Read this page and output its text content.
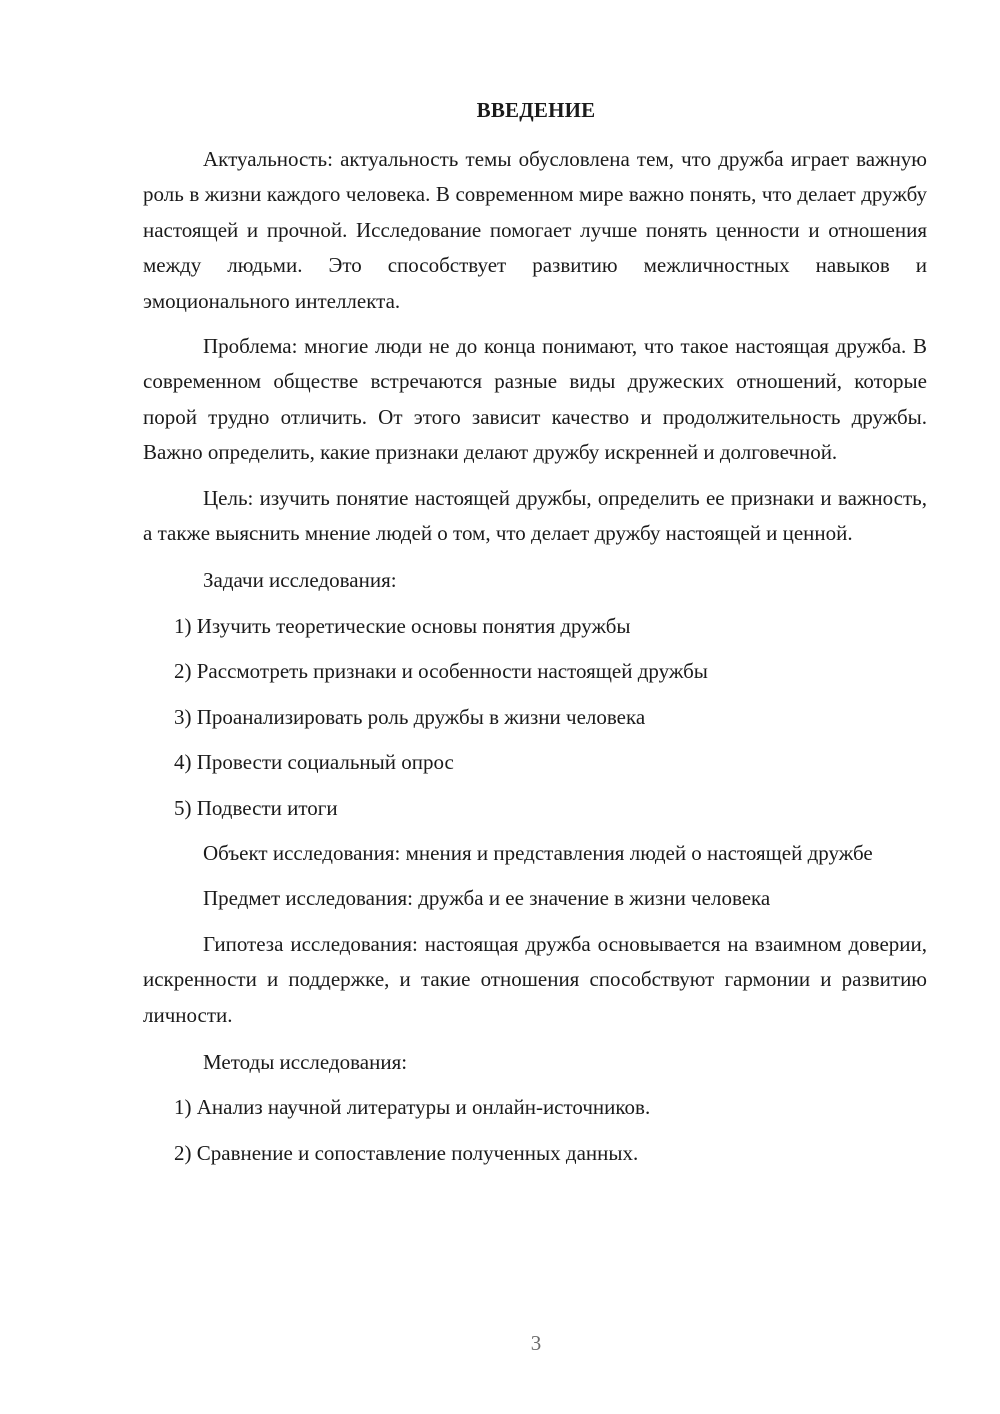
ВВЕДЕНИЕ

Актуальность: актуальность темы обусловлена тем, что дружба играет важную роль в жизни каждого человека. В современном мире важно понять, что делает дружбу настоящей и прочной. Исследование помогает лучше понять ценности и отношения между людьми. Это способствует развитию межличностных навыков и эмоционального интеллекта.

Проблема: многие люди не до конца понимают, что такое настоящая дружба. В современном обществе встречаются разные виды дружеских отношений, которые порой трудно отличить. От этого зависит качество и продолжительность дружбы. Важно определить, какие признаки делают дружбу искренней и долговечной.

Цель: изучить понятие настоящей дружбы, определить ее признаки и важность, а также выяснить мнение людей о том, что делает дружбу настоящей и ценной.

Задачи исследования:

1) Изучить теоретические основы понятия дружбы

2) Рассмотреть признаки и особенности настоящей дружбы

3) Проанализировать роль дружбы в жизни человека

4) Провести социальный опрос

5) Подвести итоги

Объект исследования: мнения и представления людей о настоящей дружбе

Предмет исследования: дружба и ее значение в жизни человека

Гипотеза исследования: настоящая дружба основывается на взаимном доверии, искренности и поддержке, и такие отношения способствуют гармонии и развитию личности.

Методы исследования:

1) Анализ научной литературы и онлайн-источников.

2) Сравнение и сопоставление полученных данных.

3
